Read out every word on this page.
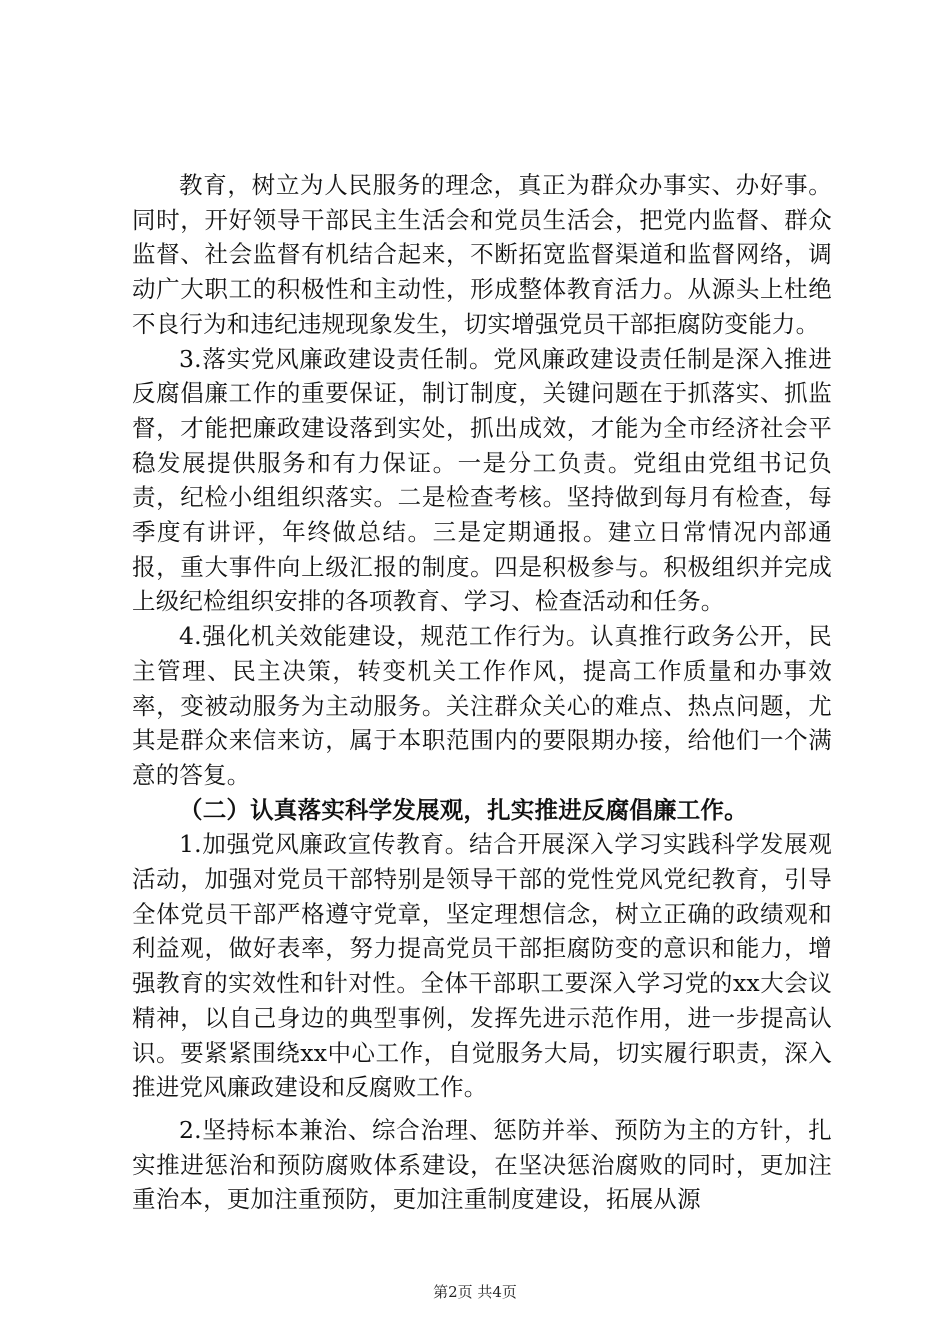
教育，树立为人民服务的理念，真正为群众办事实、办好事。同时，开好领导干部民主生活会和党员生活会，把党内监督、群众监督、社会监督有机结合起来，不断拓宽监督渠道和监督网络，调动广大职工的积极性和主动性，形成整体教育活力。从源头上杜绝不良行为和违纪违规现象发生，切实增强党员干部拒腐防变能力。

3.落实党风廉政建设责任制。党风廉政建设责任制是深入推进反腐倡廉工作的重要保证，制订制度，关键问题在于抓落实、抓监督，才能把廉政建设落到实处，抓出成效，才能为全市经济社会平稳发展提供服务和有力保证。一是分工负责。党组由党组书记负责，纪检小组组织落实。二是检查考核。坚持做到每月有检查，每季度有讲评，年终做总结。三是定期通报。建立日常情况内部通报，重大事件向上级汇报的制度。四是积极参与。积极组织并完成上级纪检组织安排的各项教育、学习、检查活动和任务。

4.强化机关效能建设，规范工作行为。认真推行政务公开，民主管理、民主决策，转变机关工作作风，提高工作质量和办事效率，变被动服务为主动服务。关注群众关心的难点、热点问题，尤其是群众来信来访，属于本职范围内的要限期办接，给他们一个满意的答复。

（二）认真落实科学发展观，扎实推进反腐倡廉工作。

1.加强党风廉政宣传教育。结合开展深入学习实践科学发展观活动，加强对党员干部特别是领导干部的党性党风党纪教育，引导全体党员干部严格遵守党章，坚定理想信念，树立正确的政绩观和利益观，做好表率，努力提高党员干部拒腐防变的意识和能力，增强教育的实效性和针对性。全体干部职工要深入学习党的xx大会议精神，以自己身边的典型事例，发挥先进示范作用，进一步提高认识。要紧紧围绕xx中心工作，自觉服务大局，切实履行职责，深入推进党风廉政建设和反腐败工作。

2.坚持标本兼治、综合治理、惩防并举、预防为主的方针，扎实推进惩治和预防腐败体系建设，在坚决惩治腐败的同时，更加注重治本，更加注重预防，更加注重制度建设，拓展从源

第2页 共4页
